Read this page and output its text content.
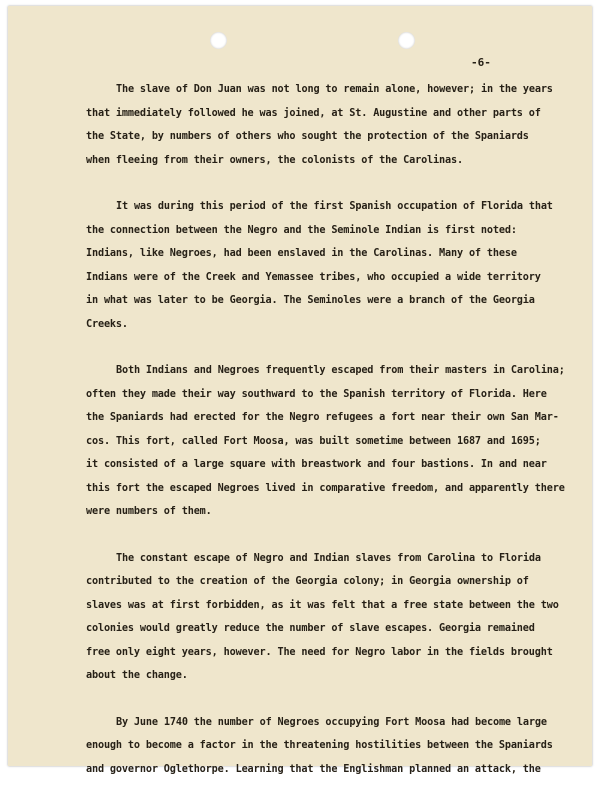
-6-
The slave of Don Juan was not long to remain alone, however; in the years
that immediately followed he was joined, at St. Augustine and other parts of
the State, by numbers of others who sought the protection of the Spaniards
when fleeing from their owners, the colonists of the Carolinas.
It was during this period of the first Spanish occupation of Florida that
the connection between the Negro and the Seminole Indian is first noted:
Indians, like Negroes, had been enslaved in the Carolinas. Many of these
Indians were of the Creek and Yemassee tribes, who occupied a wide territory
in what was later to be Georgia. The Seminoles were a branch of the Georgia
Creeks.
Both Indians and Negroes frequently escaped from their masters in Carolina;
often they made their way southward to the Spanish territory of Florida. Here
the Spaniards had erected for the Negro refugees a fort near their own San Mar-
cos. This fort, called Fort Moosa, was built sometime between 1687 and 1695;
it consisted of a large square with breastwork and four bastions. In and near
this fort the escaped Negroes lived in comparative freedom, and apparently there
were numbers of them.
The constant escape of Negro and Indian slaves from Carolina to Florida
contributed to the creation of the Georgia colony; in Georgia ownership of
slaves was at first forbidden, as it was felt that a free state between the two
colonies would greatly reduce the number of slave escapes. Georgia remained
free only eight years, however. The need for Negro labor in the fields brought
about the change.
By June 1740 the number of Negroes occupying Fort Moosa had become large
enough to become a factor in the threatening hostilities between the Spaniards
and governor Oglethorpe. Learning that the Englishman planned an attack, the
